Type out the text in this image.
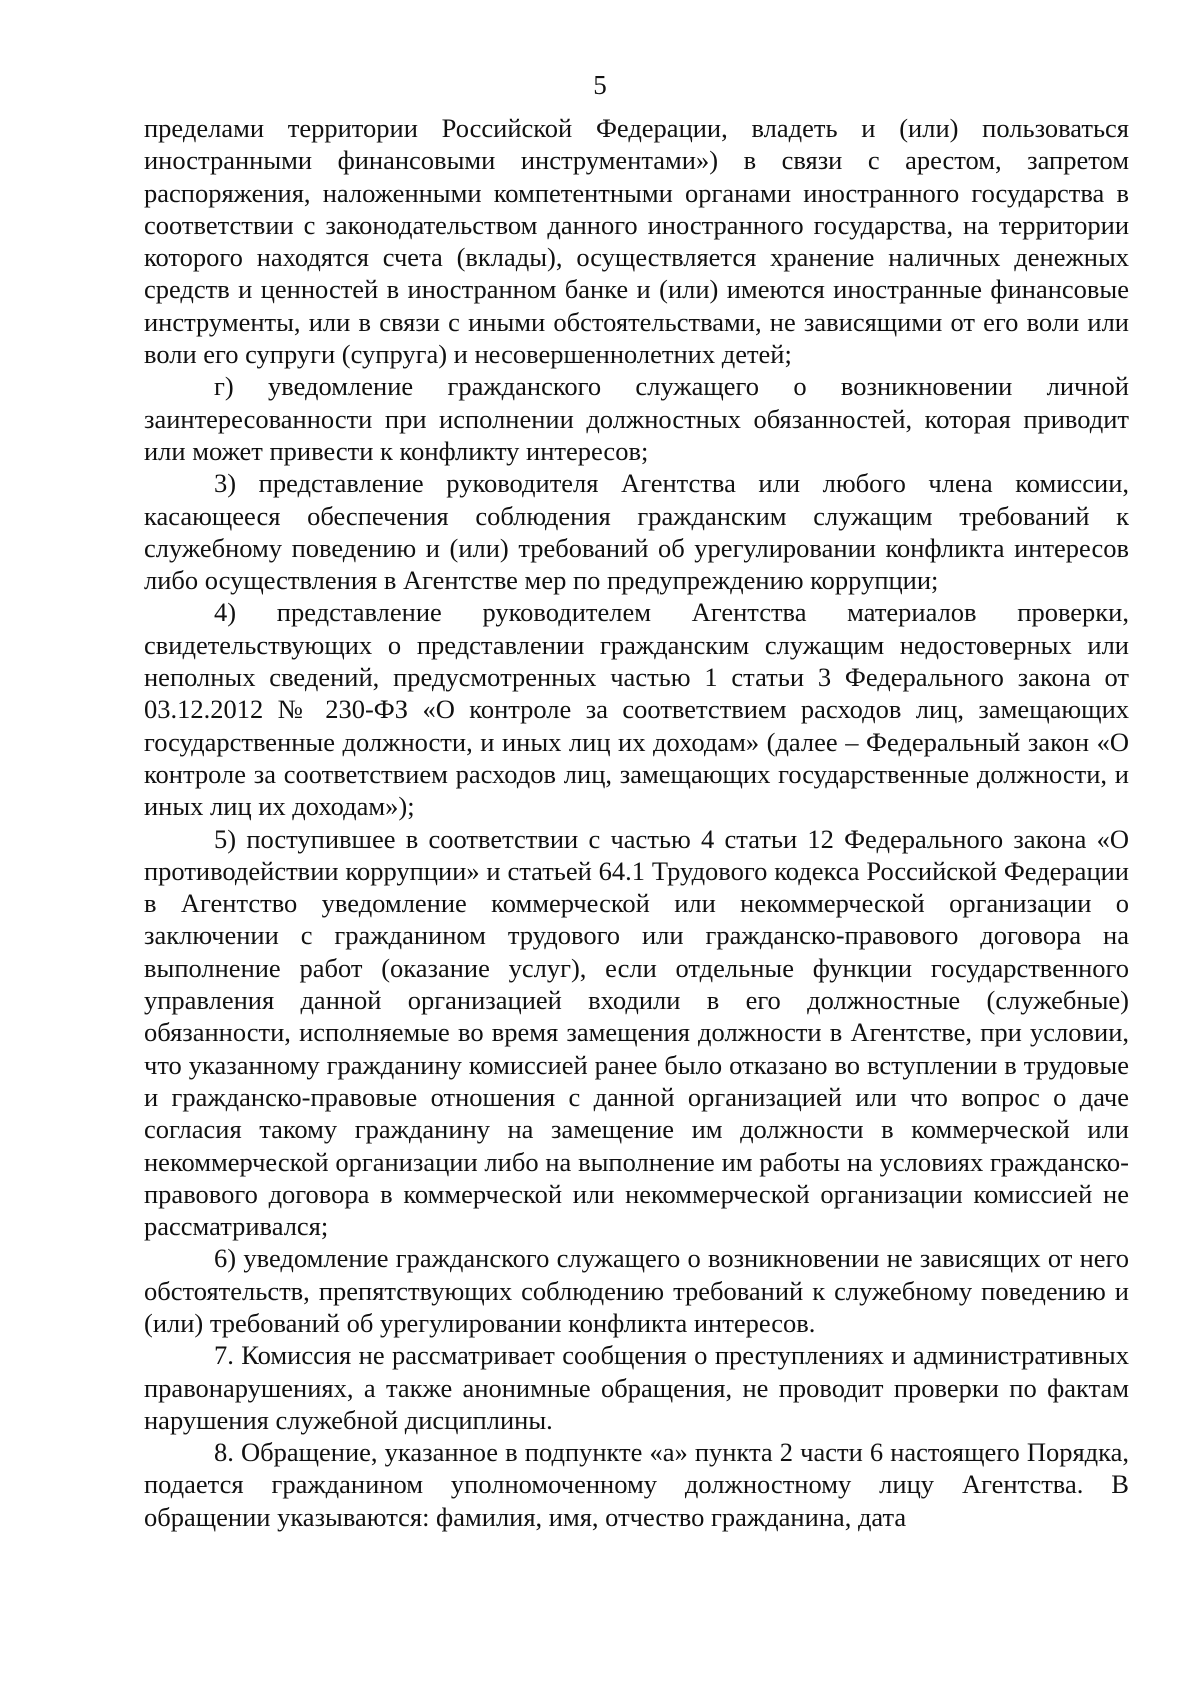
5

пределами территории Российской Федерации, владеть и (или) пользоваться иностранными финансовыми инструментами») в связи с арестом, запретом распоряжения, наложенными компетентными органами иностранного государства в соответствии с законодательством данного иностранного государства, на территории которого находятся счета (вклады), осуществляется хранение наличных денежных средств и ценностей в иностранном банке и (или) имеются иностранные финансовые инструменты, или в связи с иными обстоятельствами, не зависящими от его воли или воли его супруги (супруга) и несовершеннолетних детей;

г) уведомление гражданского служащего о возникновении личной заинтересованности при исполнении должностных обязанностей, которая приводит или может привести к конфликту интересов;

3) представление руководителя Агентства или любого члена комиссии, касающееся обеспечения соблюдения гражданским служащим требований к служебному поведению и (или) требований об урегулировании конфликта интересов либо осуществления в Агентстве мер по предупреждению коррупции;

4) представление руководителем Агентства материалов проверки, свидетельствующих о представлении гражданским служащим недостоверных или неполных сведений, предусмотренных частью 1 статьи 3 Федерального закона от 03.12.2012 № 230-ФЗ «О контроле за соответствием расходов лиц, замещающих государственные должности, и иных лиц их доходам» (далее – Федеральный закон «О контроле за соответствием расходов лиц, замещающих государственные должности, и иных лиц их доходам»);

5) поступившее в соответствии с частью 4 статьи 12 Федерального закона «О противодействии коррупции» и статьей 64.1 Трудового кодекса Российской Федерации в Агентство уведомление коммерческой или некоммерческой организации о заключении с гражданином трудового или гражданско-правового договора на выполнение работ (оказание услуг), если отдельные функции государственного управления данной организацией входили в его должностные (служебные) обязанности, исполняемые во время замещения должности в Агентстве, при условии, что указанному гражданину комиссией ранее было отказано во вступлении в трудовые и гражданско-правовые отношения с данной организацией или что вопрос о даче согласия такому гражданину на замещение им должности в коммерческой или некоммерческой организации либо на выполнение им работы на условиях гражданско-правового договора в коммерческой или некоммерческой организации комиссией не рассматривался;

6) уведомление гражданского служащего о возникновении не зависящих от него обстоятельств, препятствующих соблюдению требований к служебному поведению и (или) требований об урегулировании конфликта интересов.

7. Комиссия не рассматривает сообщения о преступлениях и административных правонарушениях, а также анонимные обращения, не проводит проверки по фактам нарушения служебной дисциплины.

8. Обращение, указанное в подпункте «а» пункта 2 части 6 настоящего Порядка, подается гражданином уполномоченному должностному лицу Агентства. В обращении указываются: фамилия, имя, отчество гражданина, дата
